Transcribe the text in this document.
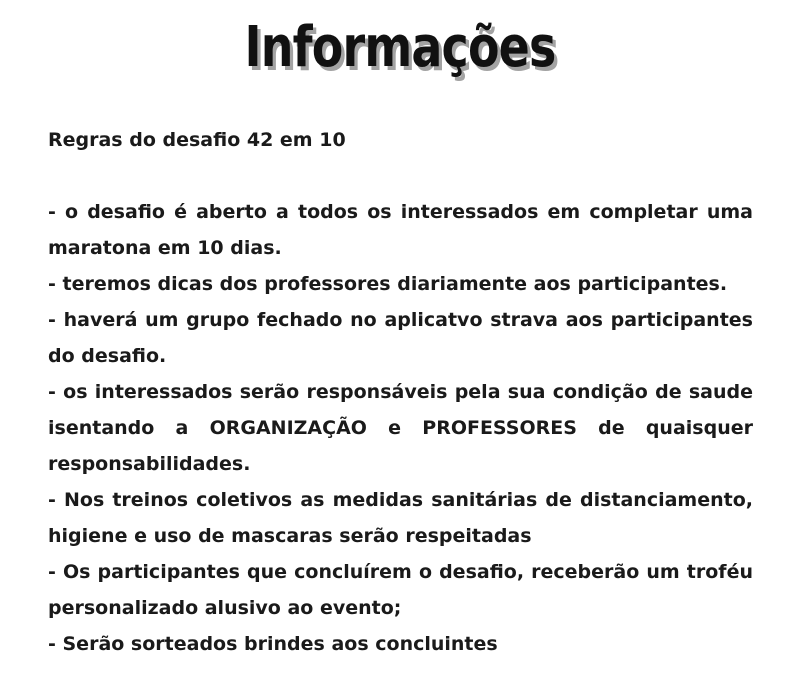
Informações

Regras do desafio 42 em 10

- o desafio é aberto a todos os interessados em completar uma maratona em 10 dias.

- teremos dicas dos professores diariamente aos participantes.

- haverá um grupo fechado no aplicatvo strava aos participantes do desafio.

- os interessados serão responsáveis pela sua condição de saude isentando a ORGANIZAÇÃO e PROFESSORES de quaisquer responsabilidades.

- Nos treinos coletivos as medidas sanitárias de distanciamento, higiene e uso de mascaras serão respeitadas

- Os participantes que concluírem o desafio, receberão um troféu personalizado alusivo ao evento;

- Serão sorteados brindes aos concluintes
